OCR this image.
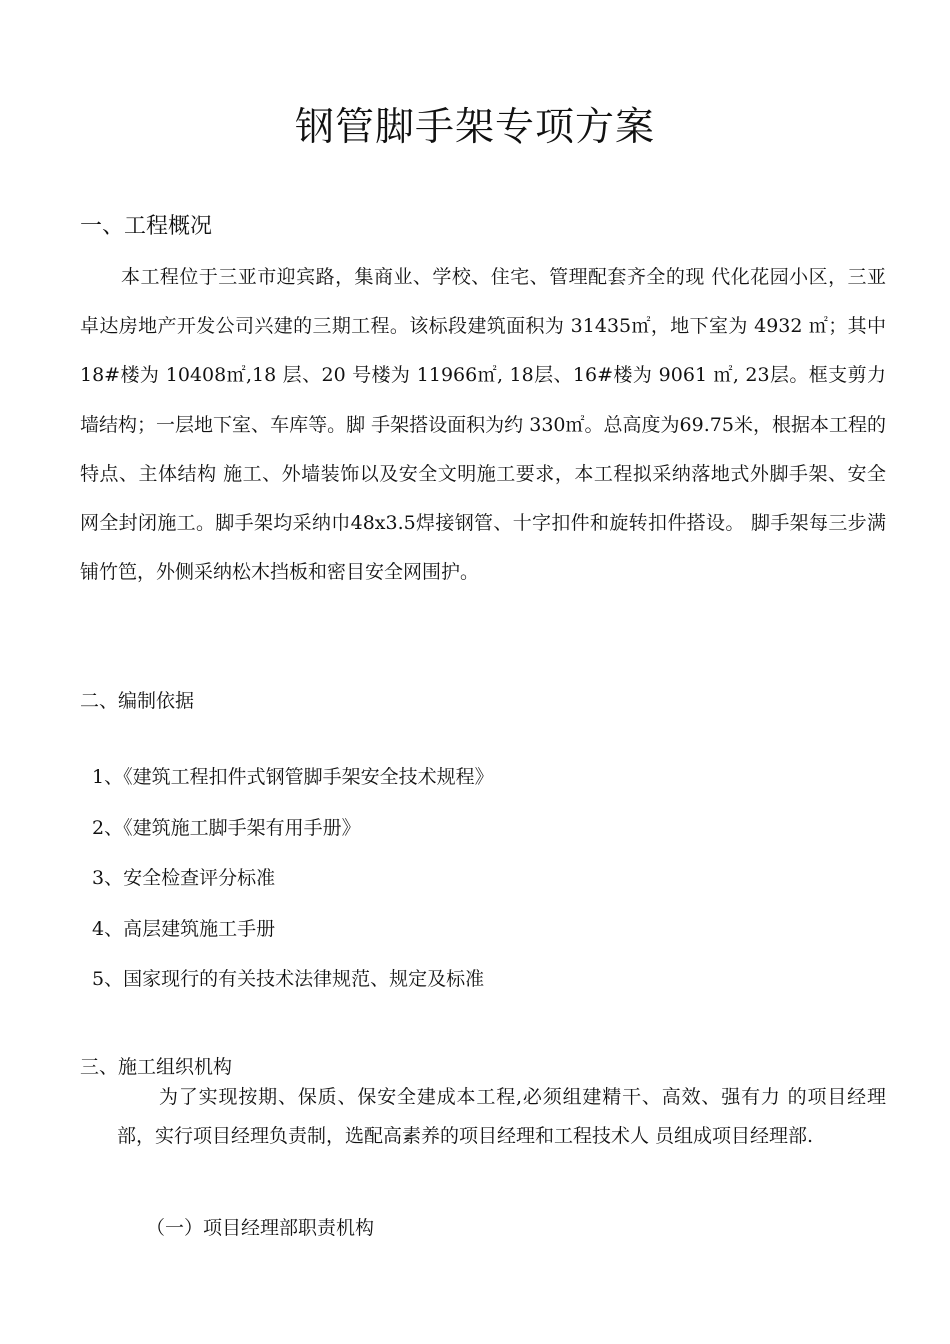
钢管脚手架专项方案
一、工程概况

本工程位于三亚市迎宾路，集商业、学校、住宅、管理配套齐全的现 代化花园小区，三亚卓达房地产开发公司兴建的三期工程。该标段建筑面积为 31435㎡，地下室为 4932 ㎡；其中 18#楼为 10408㎡,18 层、20 号楼为 11966㎡, 18层、16#楼为 9061 ㎡, 23层。框支剪力墙结构；一层地下室、车库等。脚 手架搭设面积为约 330㎡。总高度为69.75米，根据本工程的特点、主体结构 施工、外墙装饰以及安全文明施工要求，本工程拟采纳落地式外脚手架、安全 网全封闭施工。脚手架均采纳巾48x3.5焊接钢管、十字扣件和旋转扣件搭设。 脚手架每三步满铺竹笆，外侧采纳松木挡板和密目安全网围护。

二、编制依据
1、《建筑工程扣件式钢管脚手架安全技术规程》
2、《建筑施工脚手架有用手册》
3、安全检查评分标准
4、高层建筑施工手册
5、国家现行的有关技术法律规范、规定及标准
三、施工组织机构

为了实现按期、保质、保安全建成本工程,必须组建精干、高效、强有力 的项目经理部，实行项目经理负责制，选配高素养的项目经理和工程技术人 员组成项目经理部.

（一）项目经理部职责机构
